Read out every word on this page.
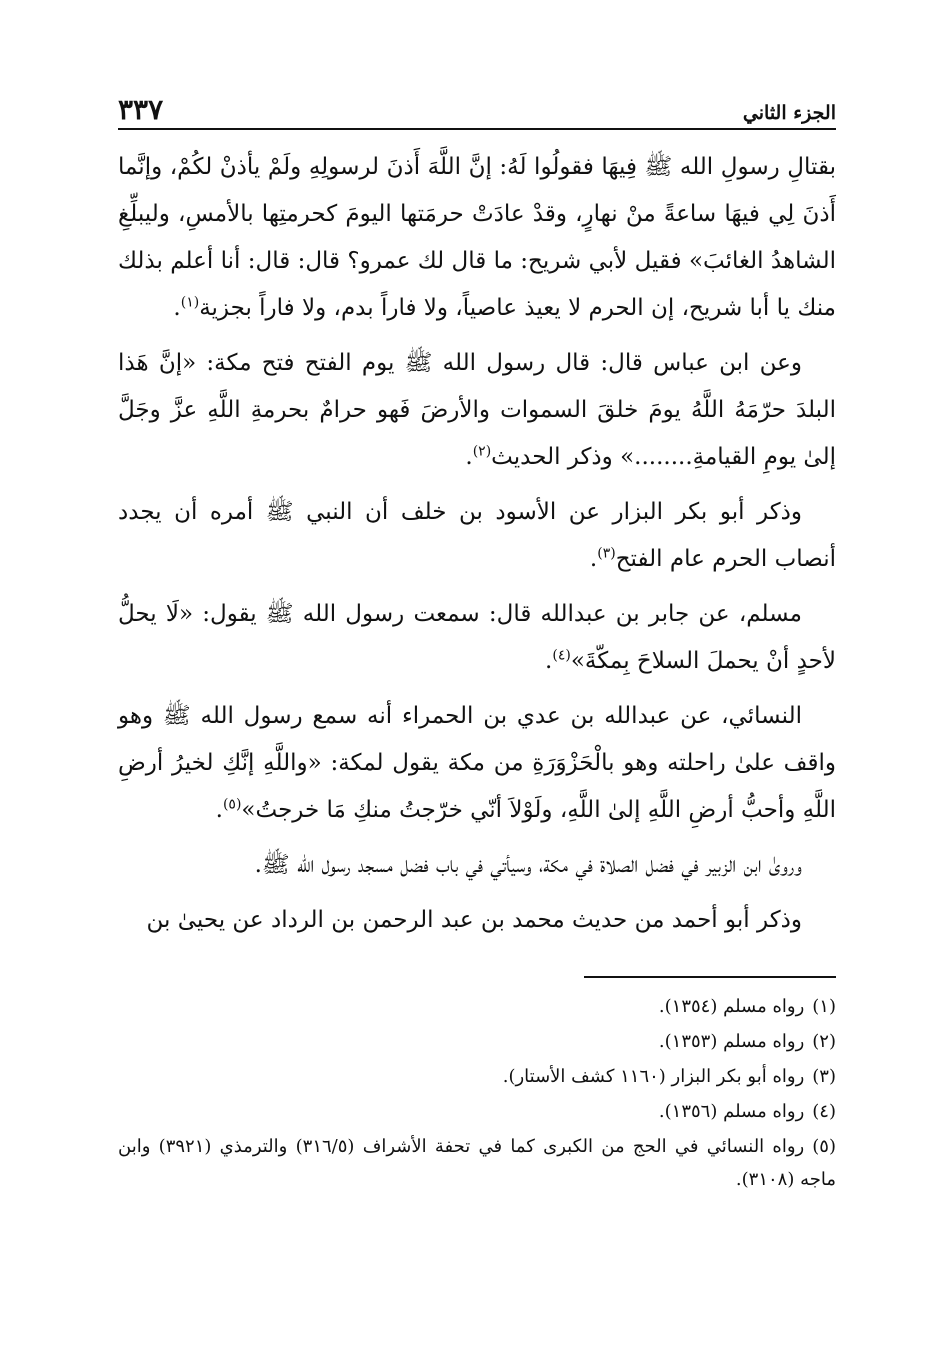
الجزء الثاني
٣٣٧

بقتالِ رسولِ الله ﷺ فِيهَا فقولُوا لَهُ: إنَّ اللَّهَ أَذنَ لرسولِهِ ولَمْ يأذنْ لكُمْ، وإنَّما أَذنَ لِي فيهَا ساعةً منْ نهارٍ، وقدْ عادَتْ حرمَتها اليومَ كحرمتِها بالأمسِ، وليبلِّغِ الشاهدُ الغائبَ» فقيل لأبي شريح: ما قال لك عمرو؟ قال: قال: أنا أعلم بذلك منك يا أبا شريح، إن الحرم لا يعيذ عاصياً، ولا فاراً بدم، ولا فاراً بجزية$^{(١)}$.

وعن ابن عباس قال: قال رسول الله ﷺ يوم الفتح فتح مكة: «إنَّ هَذا البلدَ حرّمَهُ اللَّهُ يومَ خلقَ السموات والأرضَ فَهو حرامٌ بحرمةِ اللَّهِ عزَّ وجَلَّ إلىٰ يومِ القيامةِ........» وذكر الحديث$^{(٢)}$.

وذكر أبو بكر البزار عن الأسود بن خلف أن النبي ﷺ أمره أن يجدد أنصاب الحرم عام الفتح$^{(٣)}$.

مسلم، عن جابر بن عبدالله قال: سمعت رسول الله ﷺ يقول: «لَا يحلُّ لأحدٍ أنْ يحملَ السلاحَ بِمكّةَ»$^{(٤)}$.

النسائي، عن عبدالله بن عدي بن الحمراء أنه سمع رسول الله ﷺ وهو واقف علىٰ راحلته وهو بالْحَزْوَرَةِ من مكة يقول لمكة: «واللَّهِ إنَّكِ لخيرُ أرضِ اللَّهِ وأحبُّ أرضِ اللَّهِ إلىٰ اللَّهِ، ولَوْلاَ أنّي خرّجتُ منكِ مَا خرجتُ»$^{(٥)}$.

وروىٰ ابن الزبير في فضل الصلاة في مكة، وسيأتي في باب فضل مسجد رسول الله ﷺ.

وذكر أبو أحمد من حديث محمد بن عبد الرحمن بن الرداد عن يحيىٰ بن

(١)رواه مسلم (١٣٥٤).

(٢)رواه مسلم (١٣٥٣).

(٣)رواه أبو بكر البزار (١١٦٠ كشف الأستار).

(٤)رواه مسلم (١٣٥٦).

(٥)رواه النسائي في الحج من الكبرى كما في تحفة الأشراف (٣١٦/٥) والترمذي (٣٩٢١) وابن ماجه (٣١٠٨).
